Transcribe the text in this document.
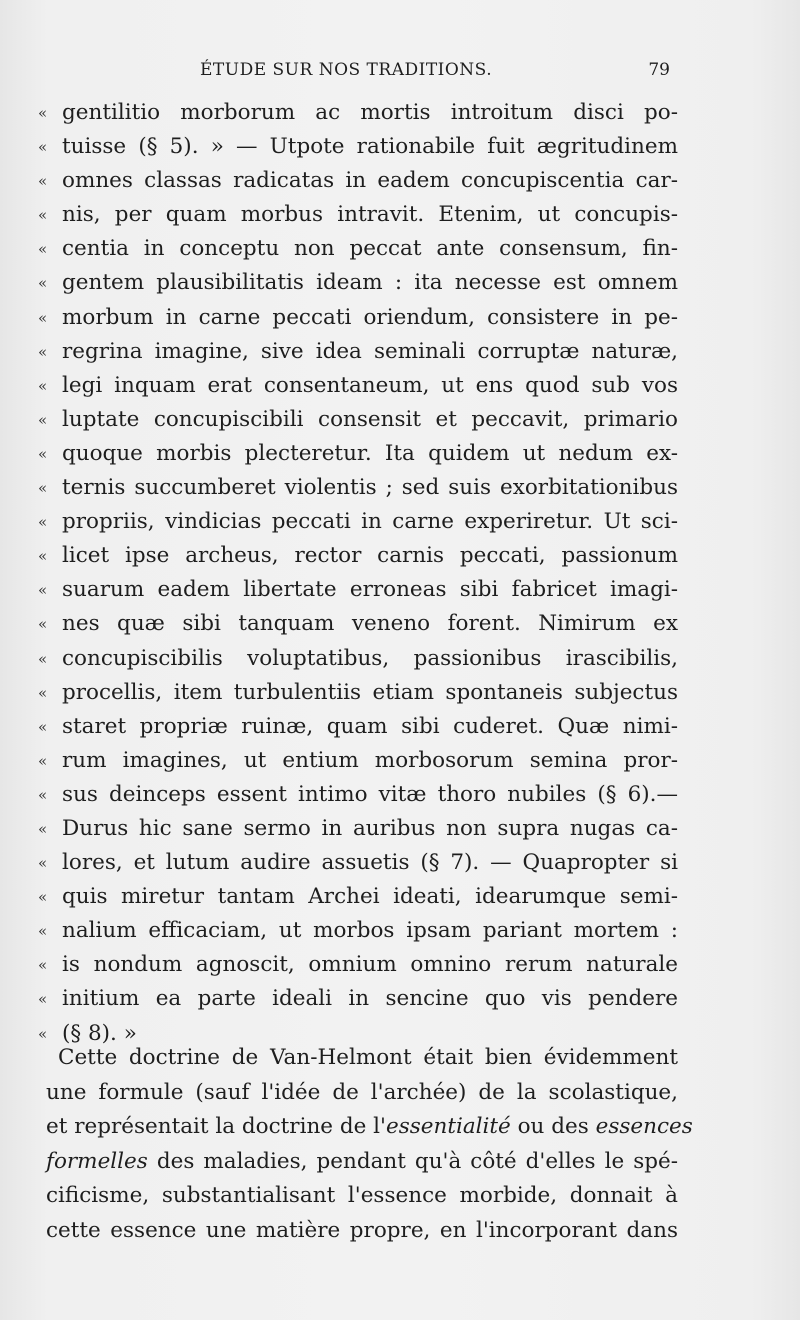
ÉTUDE SUR NOS TRADITIONS.	79
« gentilitio morborum ac mortis introitum disci po-
« tuisse (§ 5). » — Utpote rationabile fuit ægritudinem
« omnes classas radicatas in eadem concupiscentia car-
« nis, per quam morbus intravit. Etenim, ut concupis-
« centia in conceptu non peccat ante consensum, fin-
« gentem plausibilitatis ideam : ita necesse est omnem
« morbum in carne peccati oriendum, consistere in pe-
« regrina imagine, sive idea seminali corruptæ naturæ,
« legi inquam erat consentaneum, ut ens quod sub vos
« luptate concupiscibili consensit et peccavit, primario
« quoque morbis plecteretur. Ita quidem ut nedum ex-
« ternis succumberet violentis ; sed suis exorbitationibus
« propriis, vindicias peccati in carne experiretur. Ut sci-
« licet ipse archeus, rector carnis peccati, passionum
« suarum eadem libertate erroneas sibi fabricet imagi-
« nes quæ sibi tanquam veneno forent. Nimirum ex
« concupiscibilis voluptatibus, passionibus irascibilis,
« procellis, item turbulentiis etiam spontaneis subjectus
« staret propriæ ruinæ, quam sibi cuderet. Quæ nimi-
« rum imagines, ut entium morbosorum semina pror-
« sus deinceps essent intimo vitæ thoro nubiles (§ 6).—
« Durus hic sane sermo in auribus non supra nugas ca-
« lores, et lutum audire assuetis (§ 7). — Quapropter si
« quis miretur tantam Archei ideati, idearumque semi-
« nalium efficaciam, ut morbos ipsam pariant mortem :
« is nondum agnoscit, omnium omnino rerum naturale
« initium ea parte ideali in sencine quo vis pendere
« (§ 8). »
Cette doctrine de Van-Helmont était bien évidemment
une formule (sauf l'idée de l'archée) de la scolastique,
et représentait la doctrine de l'essentialité ou des essences
formelles des maladies, pendant qu'à côté d'elles le spé-
cificisme, substantialisant l'essence morbide, donnait à
cette essence une matière propre, en l'incorporant dans
